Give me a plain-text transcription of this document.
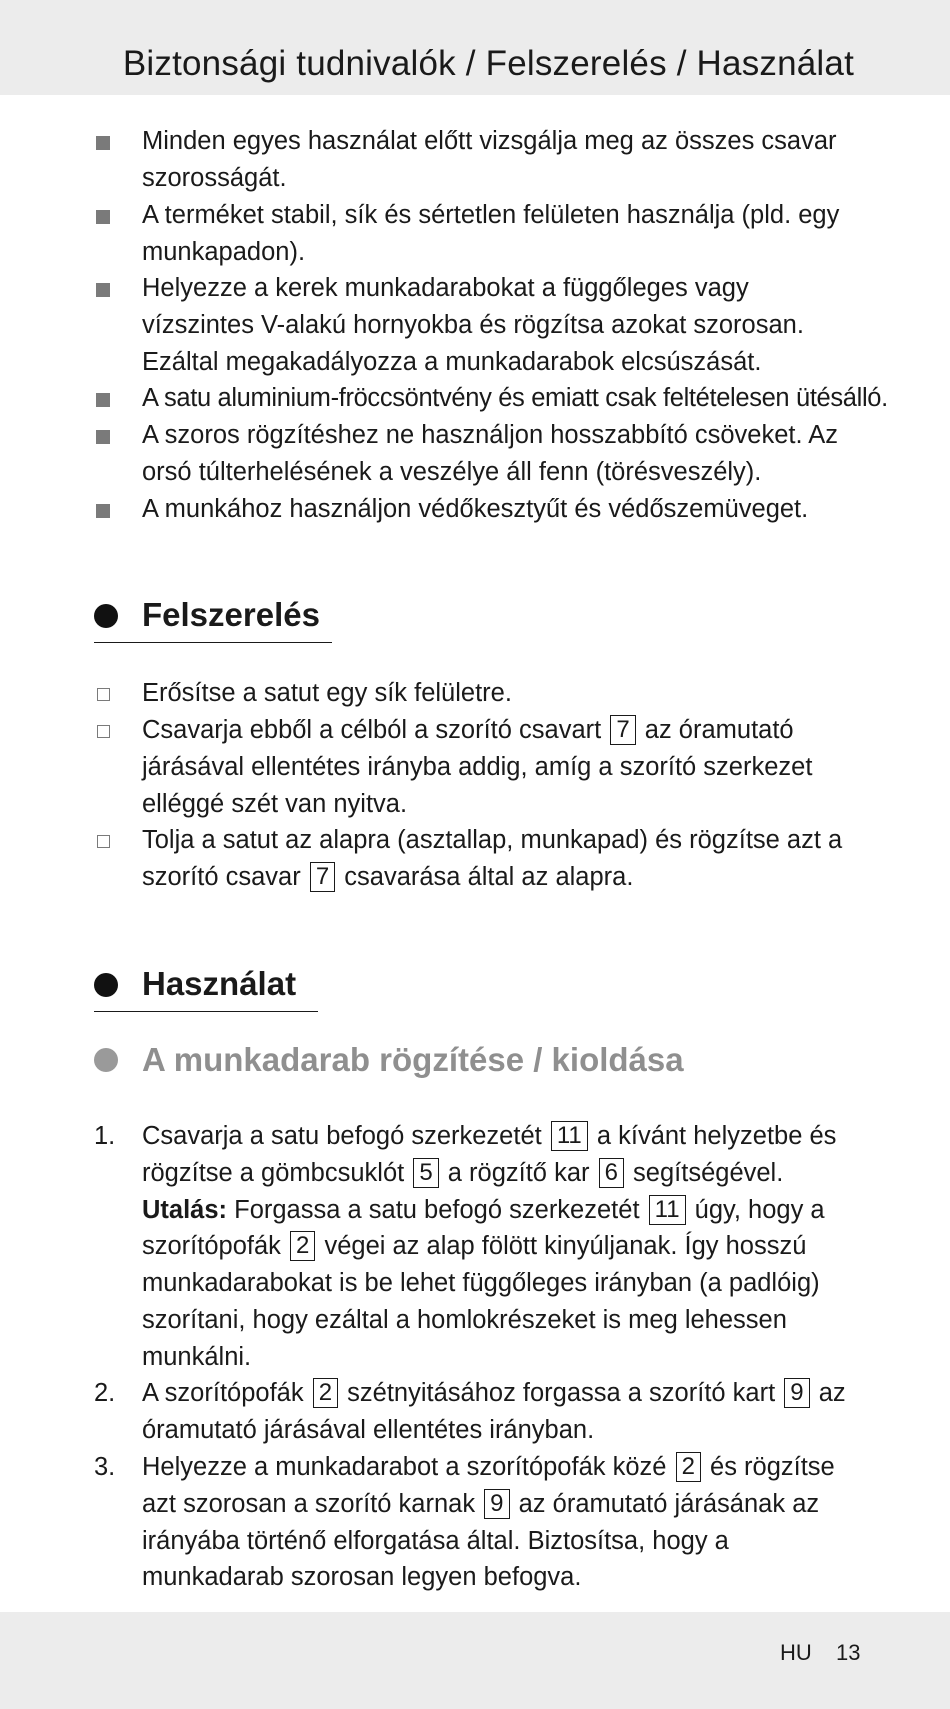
Biztonsági tudnivalók / Felszerelés / Használat
Minden egyes használat előtt vizsgálja meg az összes csavar szorosságát.
A terméket stabil, sík és sértetlen felületen használja (pld. egy munkapadon).
Helyezze a kerek munkadarabokat a függőleges vagy vízszintes V-alakú hornyokba és rögzítsa azokat szorosan. Ezáltal megakadályozza a munkadarabok elcsúszását.
A satu aluminium-fröccsöntvény és emiatt csak feltételesen ütésálló.
A szoros rögzítéshez ne használjon hosszabbító csöveket. Az orsó túlterhelésének a veszélye áll fenn (törésveszély).
A munkához használjon védőkesztyűt és védőszemüveget.
Felszerelés
Erősítse a satut egy sík felületre.
Csavarja ebből a célból a szorító csavart 7 az óramutató járásával ellentétes irányba addig, amíg a szorító szerkezet elléggé szét van nyitva.
Tolja a satut az alapra (asztallap, munkapad) és rögzítse azt a szorító csavar 7 csavarása által az alapra.
Használat
A munkadarab rögzítése / kioldása
1.	Csavarja a satu befogó szerkezetét 11 a kívánt helyzetbe és rögzítse a gömbcsuklót 5 a rögzítő kar 6 segítségével.
Utalás: Forgassa a satu befogó szerkezetét 11 úgy, hogy a szorítópofák 2 végei az alap fölött kinyúljanak. Így hosszú munkadarabokat is be lehet függőleges irányban (a padlóig) szorítani, hogy ezáltal a homlokrészeket is meg lehessen munkálni.
2.	A szorítópofák 2 szétnyitásához forgassa a szorító kart 9 az óramutató járásával ellentétes irányban.
3.	Helyezze a munkadarabot a szorítópofák közé 2 és rögzítse azt szorosan a szorító karnak 9 az óramutató járásának az irányába történő elforgatása által. Biztosítsa, hogy a munkadarab szorosan legyen befogva.
HU 13
